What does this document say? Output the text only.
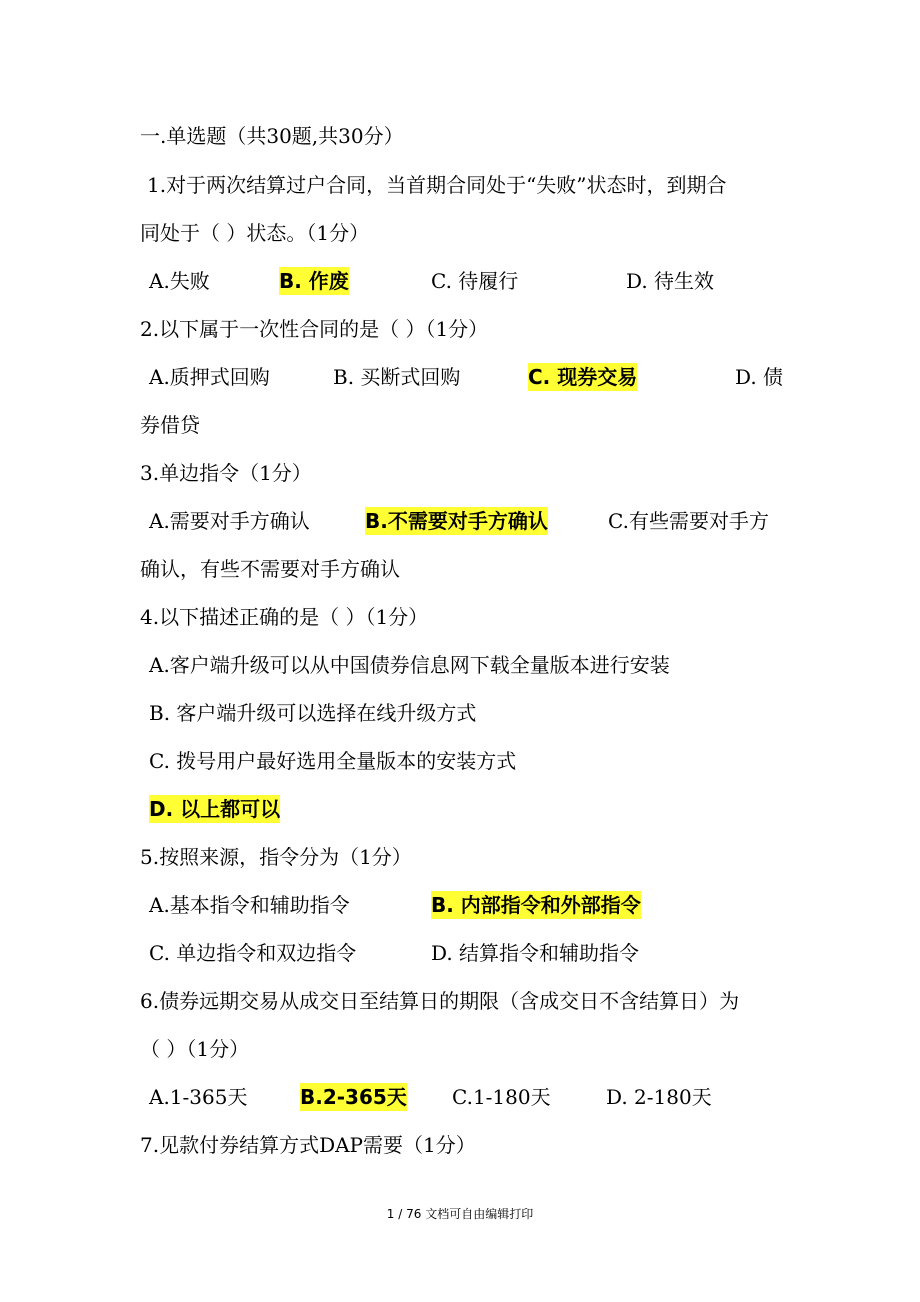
一.单选题（共30题,共30分）
1.对于两次结算过户合同，当首期合同处于“失败”状态时，到期合
同处于（ ）状态。（1分）
A.失败	B. 作废	C. 待履行	D. 待生效
2.以下属于一次性合同的是（ ）（1分）
A.质押式回购	B. 买断式回购	C. 现券交易	D. 债
券借贷
3.单边指令（1分）
A.需要对手方确认	B.不需要对手方确认	C.有些需要对手方
确认，有些不需要对手方确认
4.以下描述正确的是（ ）（1分）
A.客户端升级可以从中国债券信息网下载全量版本进行安装
B. 客户端升级可以选择在线升级方式
C. 拨号用户最好选用全量版本的安装方式
D. 以上都可以
5.按照来源，指令分为（1分）
A.基本指令和辅助指令	B. 内部指令和外部指令
C. 单边指令和双边指令	D. 结算指令和辅助指令
6.债券远期交易从成交日至结算日的期限（含成交日不含结算日）为
（ ）（1分）
A.1-365天	B.2-365天 C.1-180天	D. 2-180天
7.见款付券结算方式DAP需要（1分）
1 / 76 文档可自由编辑打印
